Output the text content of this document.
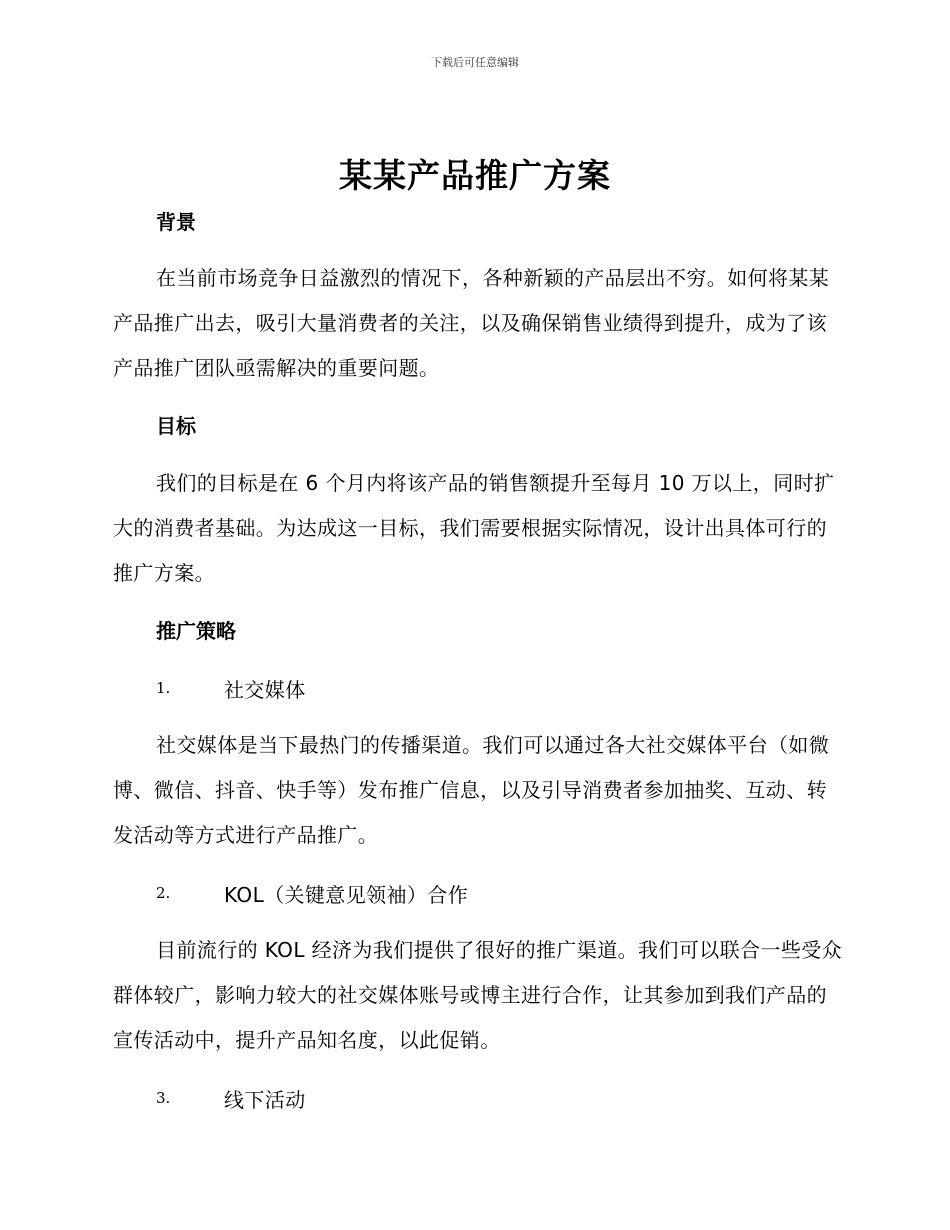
下载后可任意编辑
某某产品推广方案
背景
在当前市场竞争日益激烈的情况下，各种新颖的产品层出不穷。如何将某某产品推广出去，吸引大量消费者的关注，以及确保销售业绩得到提升，成为了该产品推广团队亟需解决的重要问题。
目标
我们的目标是在 6 个月内将该产品的销售额提升至每月 10 万以上，同时扩大的消费者基础。为达成这一目标，我们需要根据实际情况，设计出具体可行的推广方案。
推广策略
1.	社交媒体
社交媒体是当下最热门的传播渠道。我们可以通过各大社交媒体平台（如微博、微信、抖音、快手等）发布推广信息，以及引导消费者参加抽奖、互动、转发活动等方式进行产品推广。
2.	KOL（关键意见领袖）合作
目前流行的 KOL 经济为我们提供了很好的推广渠道。我们可以联合一些受众群体较广，影响力较大的社交媒体账号或博主进行合作，让其参加到我们产品的宣传活动中，提升产品知名度，以此促销。
3.	线下活动
